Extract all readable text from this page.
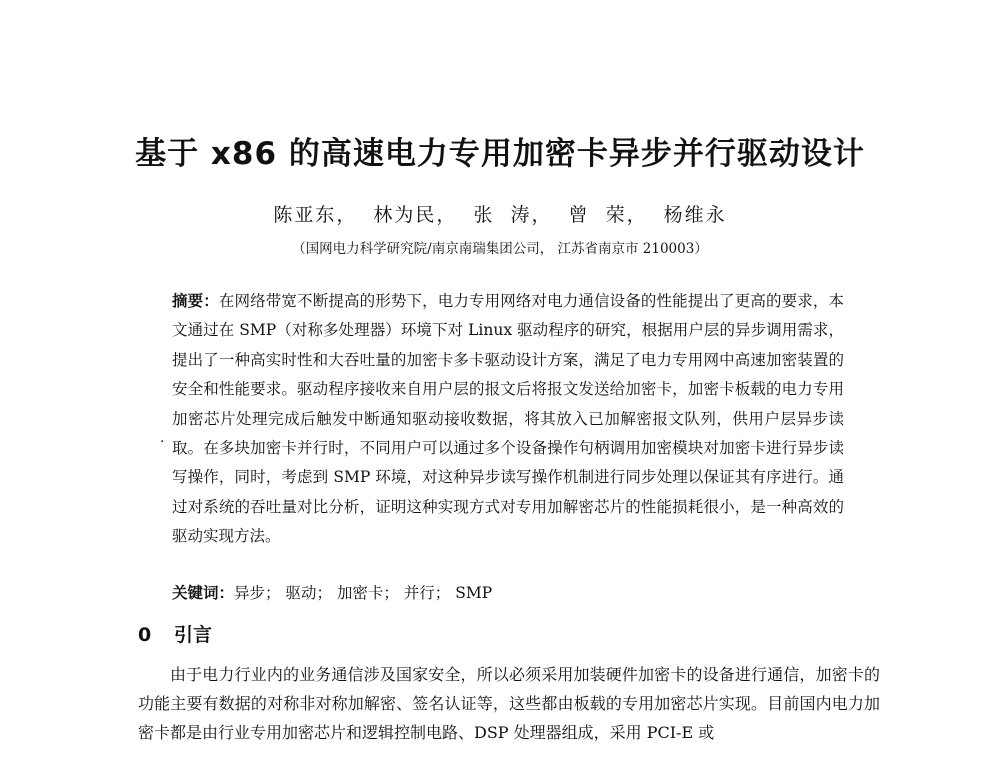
基于 x86 的高速电力专用加密卡异步并行驱动设计
陈亚东， 林为民， 张 涛， 曾 荣， 杨维永
（国网电力科学研究院/南京南瑞集团公司， 江苏省南京市 210003）
·
摘要：在网络带宽不断提高的形势下，电力专用网络对电力通信设备的性能提出了更高的要求，本文通过在 SMP（对称多处理器）环境下对 Linux 驱动程序的研究，根据用户层的异步调用需求，提出了一种高实时性和大吞吐量的加密卡多卡驱动设计方案，满足了电力专用网中高速加密装置的安全和性能要求。驱动程序接收来自用户层的报文后将报文发送给加密卡，加密卡板载的电力专用加密芯片处理完成后触发中断通知驱动接收数据，将其放入已加解密报文队列，供用户层异步读取。在多块加密卡并行时，不同用户可以通过多个设备操作句柄调用加密模块对加密卡进行异步读写操作，同时，考虑到 SMP 环境，对这种异步读写操作机制进行同步处理以保证其有序进行。通过对系统的吞吐量对比分析，证明这种实现方式对专用加解密芯片的性能损耗很小，是一种高效的驱动实现方法。
关键词：异步； 驱动； 加密卡； 并行； SMP
0 引言
由于电力行业内的业务通信涉及国家安全，所以必须采用加装硬件加密卡的设备进行通信，加密卡的功能主要有数据的对称非对称加解密、签名认证等，这些都由板载的专用加密芯片实现。目前国内电力加密卡都是由行业专用加密芯片和逻辑控制电路、DSP 处理器组成，采用 PCI-E 或
